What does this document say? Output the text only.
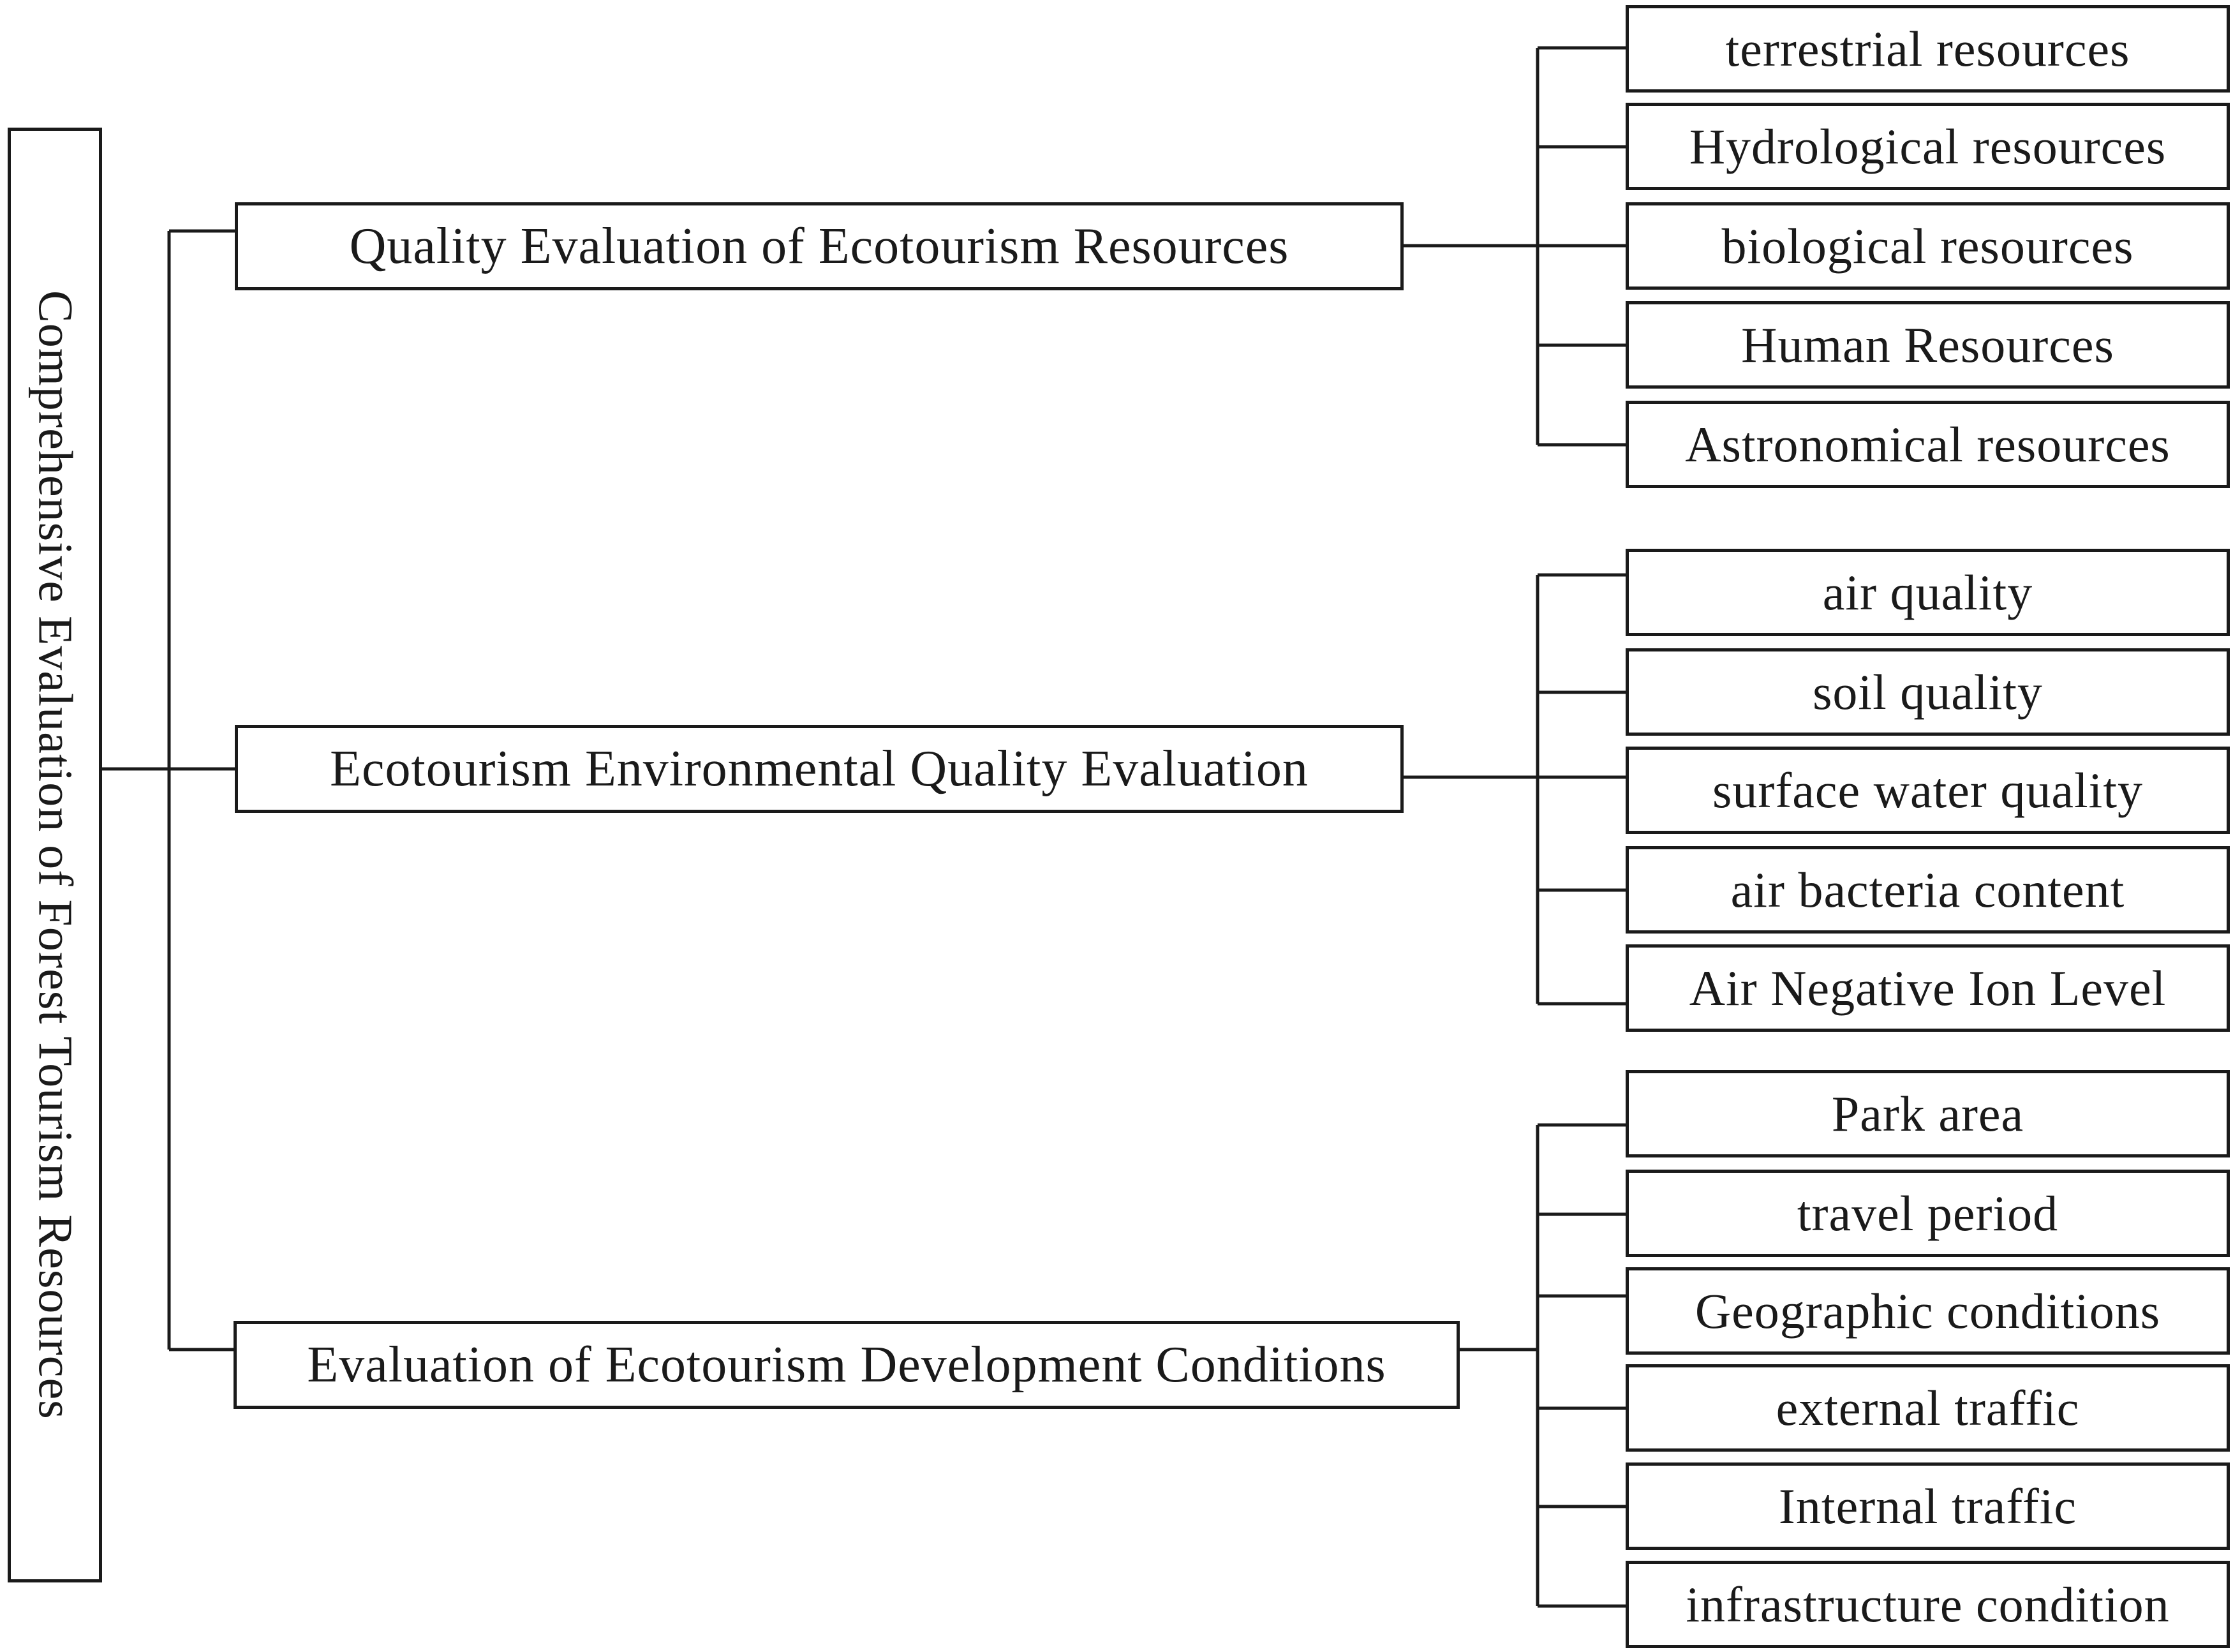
Comprehensive Evaluation of Forest Tourism Resources
Quality Evaluation of Ecotourism Resources
Ecotourism Environmental Quality Evaluation
Evaluation of Ecotourism Development Conditions
terrestrial resources
Hydrological resources
biological resources
Human Resources
Astronomical resources
air quality
soil quality
surface water quality
air bacteria content
Air Negative Ion Level
Park area
travel period
Geographic conditions
external traffic
Internal traffic
infrastructure condition
